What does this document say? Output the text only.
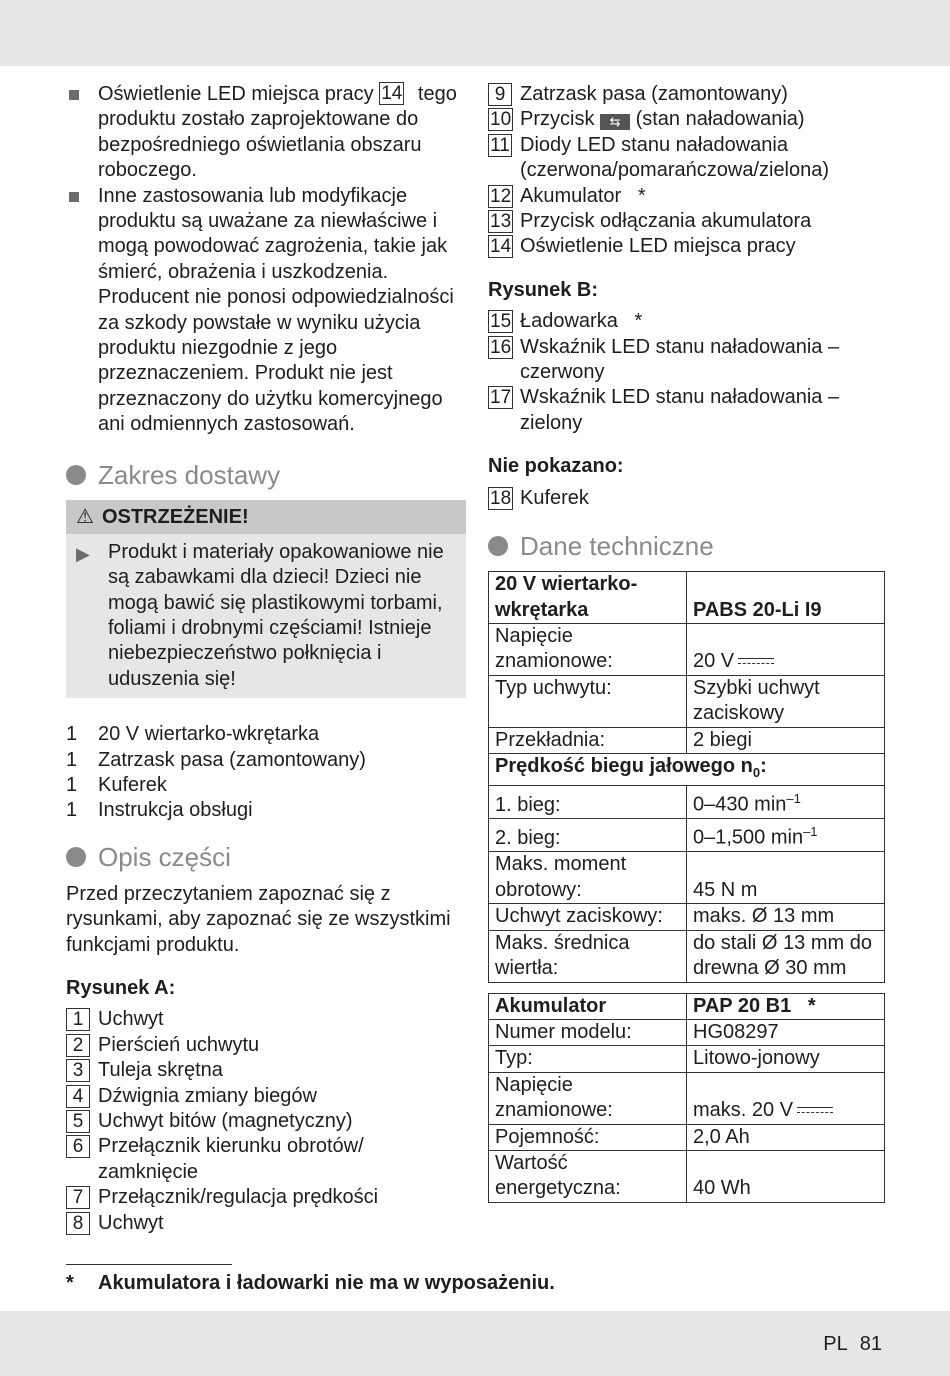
Oświetlenie LED miejsca pracy 14 tego produktu zostało zaprojektowane do bezpośredniego oświetlania obszaru roboczego.
Inne zastosowania lub modyfikacje produktu są uważane za niewłaściwe i mogą powodować zagrożenia, takie jak śmierć, obrażenia i uszkodzenia. Producent nie ponosi odpowiedzialności za szkody powstałe w wyniku użycia produktu niezgodnie z jego przeznaczeniem. Produkt nie jest przeznaczony do użytku komercyjnego ani odmiennych zastosowań.
Zakres dostawy
⚠ OSTRZEŻENIE!
▶ Produkt i materiały opakowaniowe nie są zabawkami dla dzieci! Dzieci nie mogą bawić się plastikowymi torbami, foliami i drobnymi częściami! Istnieje niebezpieczeństwo połknięcia i uduszenia się!
1 20 V wiertarko-wkrętarka
1 Zatrzask pasa (zamontowany)
1 Kuferek
1 Instrukcja obsługi
Opis części
Przed przeczytaniem zapoznać się z rysunkami, aby zapoznać się ze wszystkimi funkcjami produktu.
Rysunek A:
1 Uchwyt
2 Pierścień uchwytu
3 Tuleja skrętna
4 Dźwignia zmiany biegów
5 Uchwyt bitów (magnetyczny)
6 Przełącznik kierunku obrotów/ zamknięcie
7 Przełącznik/regulacja prędkości
8 Uchwyt
9 Zatrzask pasa (zamontowany)
10 Przycisk ⇆ (stan naładowania)
11 Diody LED stanu naładowania (czerwona/pomarańczowa/zielona)
12 Akumulator   *
13 Przycisk odłączania akumulatora
14 Oświetlenie LED miejsca pracy
Rysunek B:
15 Ładowarka   *
16 Wskaźnik LED stanu naładowania – czerwony
17 Wskaźnik LED stanu naładowania – zielony
Nie pokazano:
18 Kuferek
Dane techniczne
20 V wiertarko-wkrętarka	PABS 20-Li I9
Napięcie znamionowe:	20 V

Typ uchwytu:	Szybki uchwyt zaciskowy
Przekładnia:	2 biegi
Prędkość biegu jałowego $n_0$:	
1. bieg:	0–430 $\min^{-1}$
2. bieg:	0–1,500 $\min^{-1}$
Maks. moment obrotowy:	45 N m
Uchwyt zaciskowy:	maks. Ø 13 mm
Maks. średnica wiertła:	do stali Ø 13 mm do drewna Ø 30 mm
Akumulator	PAP 20 B1   *
Numer modelu:	HG08297
Typ:	Litowo-jonowy
Napięcie znamionowe:	maks. 20 V

Pojemność:	2,0 Ah
Wartość energetyczna:	40 Wh
* Akumulatora i ładowarki nie ma w wyposażeniu.
PL 81
